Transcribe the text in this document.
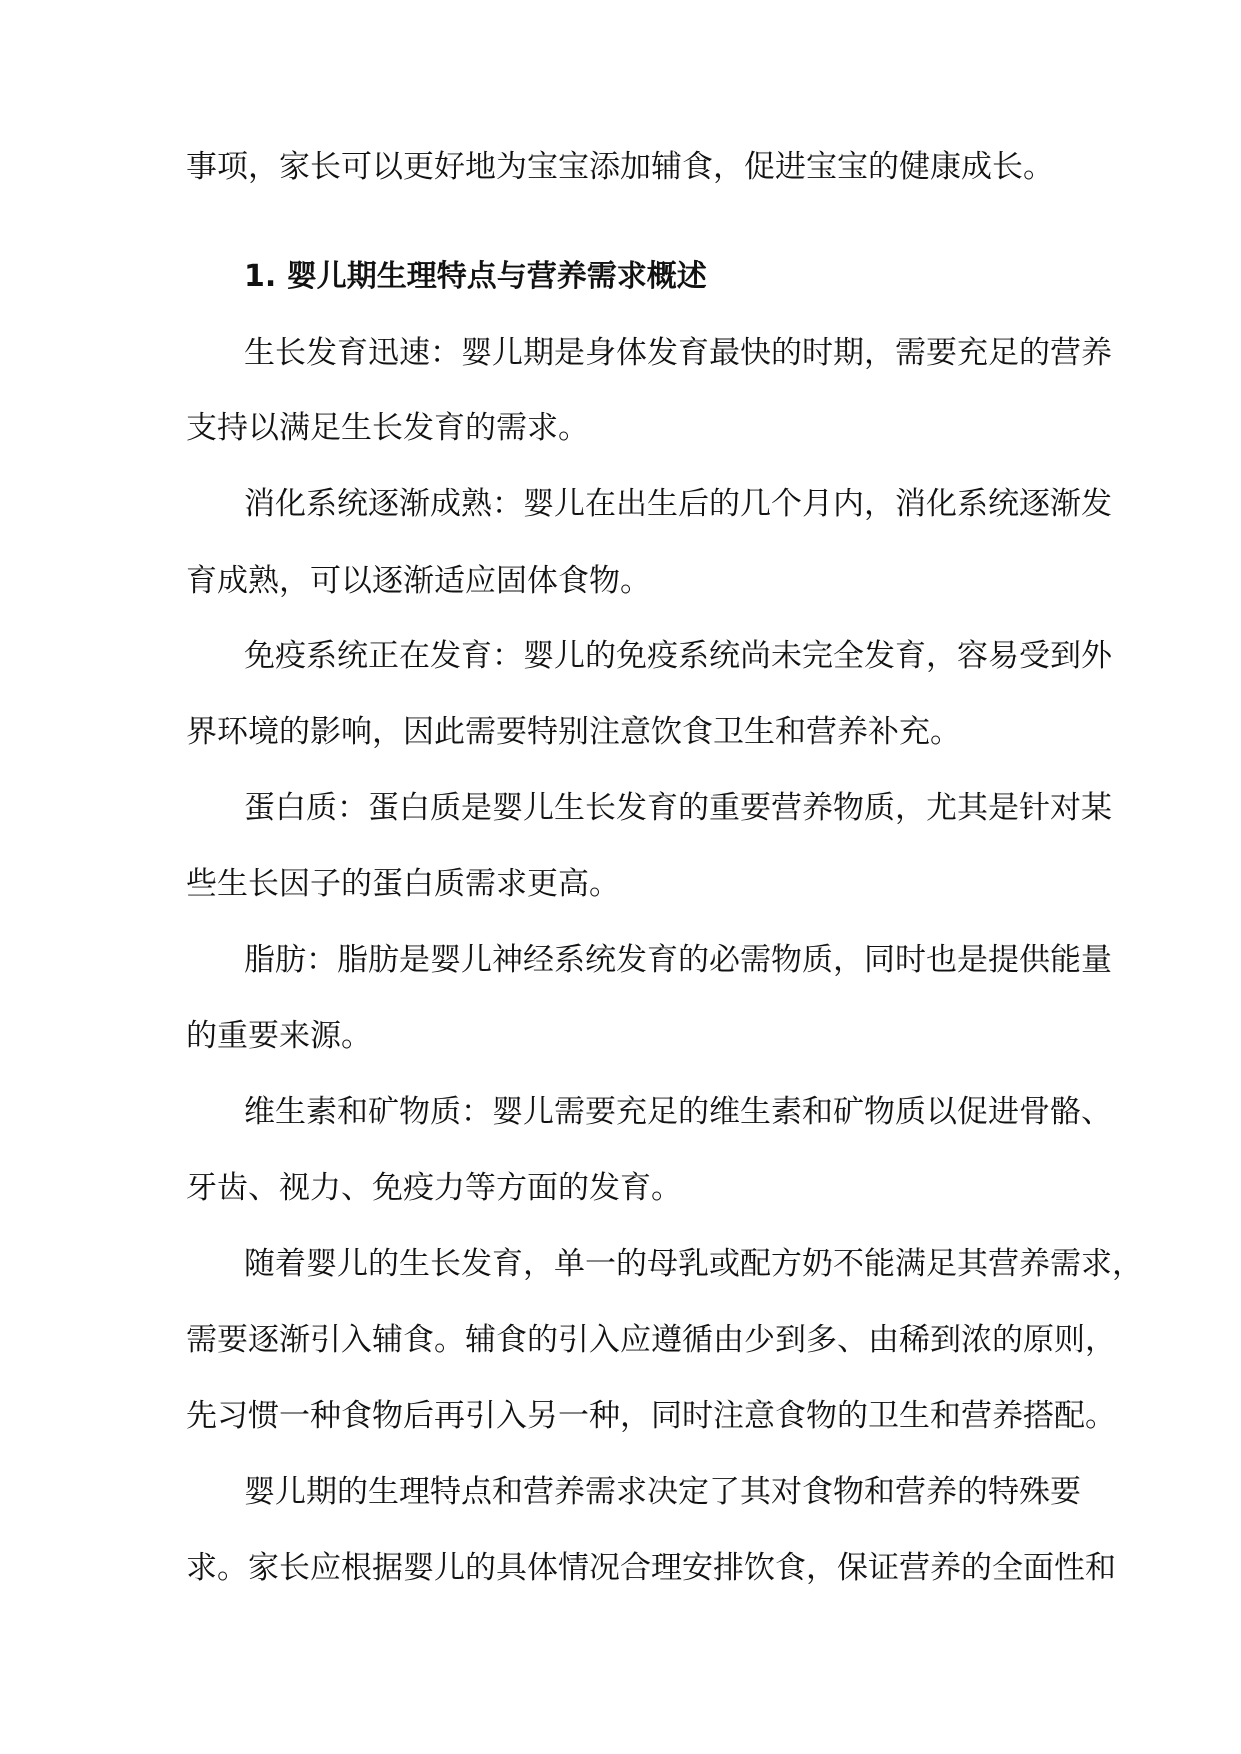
事项，家长可以更好地为宝宝添加辅食，促进宝宝的健康成长。
1. 婴儿期生理特点与营养需求概述
生长发育迅速：婴儿期是身体发育最快的时期，需要充足的营养
支持以满足生长发育的需求。
消化系统逐渐成熟：婴儿在出生后的几个月内，消化系统逐渐发
育成熟，可以逐渐适应固体食物。
免疫系统正在发育：婴儿的免疫系统尚未完全发育，容易受到外
界环境的影响，因此需要特别注意饮食卫生和营养补充。
蛋白质：蛋白质是婴儿生长发育的重要营养物质，尤其是针对某
些生长因子的蛋白质需求更高。
脂肪：脂肪是婴儿神经系统发育的必需物质，同时也是提供能量
的重要来源。
维生素和矿物质：婴儿需要充足的维生素和矿物质以促进骨骼、
牙齿、视力、免疫力等方面的发育。
随着婴儿的生长发育，单一的母乳或配方奶不能满足其营养需求，
需要逐渐引入辅食。辅食的引入应遵循由少到多、由稀到浓的原则，
先习惯一种食物后再引入另一种，同时注意食物的卫生和营养搭配。
婴儿期的生理特点和营养需求决定了其对食物和营养的特殊要
求。家长应根据婴儿的具体情况合理安排饮食，保证营养的全面性和
